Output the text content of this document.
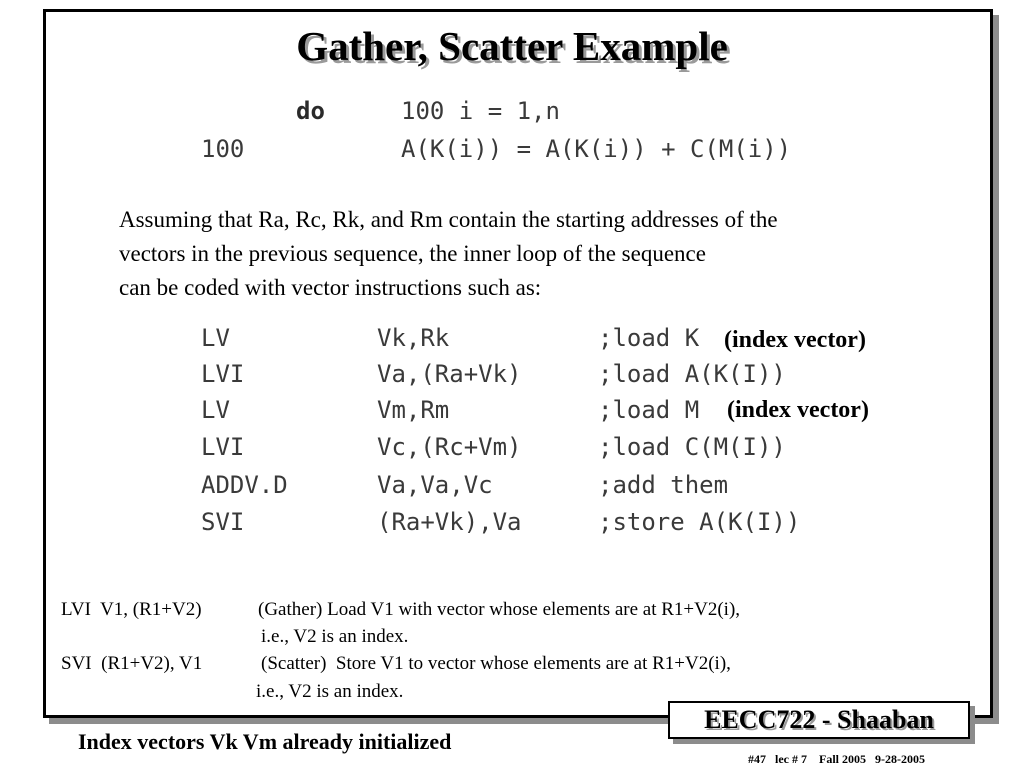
Gather, Scatter Example
do	100 i = 1,n
100	A(K(i)) = A(K(i)) + C(M(i))
Assuming that Ra, Rc, Rk, and Rm contain the starting addresses of the
vectors in the previous sequence, the inner loop of the sequence
can be coded with vector instructions such as:
LV	Vk,Rk	;load K
LVI	Va,(Ra+Vk)	;load A(K(I))
LV	Vm,Rm	;load M
LVI	Vc,(Rc+Vm)	;load C(M(I))
ADDV.D	Va,Va,Vc	;add them
SVI	(Ra+Vk),Va	;store A(K(I))
(index vector)
(index vector)
LVI  V1, (R1+V2)	(Gather) Load V1 with vector whose elements are at R1+V2(i),
i.e., V2 is an index.
SVI  (R1+V2), V1	(Scatter)  Store V1 to vector whose elements are at R1+V2(i),
i.e., V2 is an index.
EECC722 - Shaaban
Index vectors Vk Vm already initialized
#47   lec # 7    Fall 2005   9-28-2005
